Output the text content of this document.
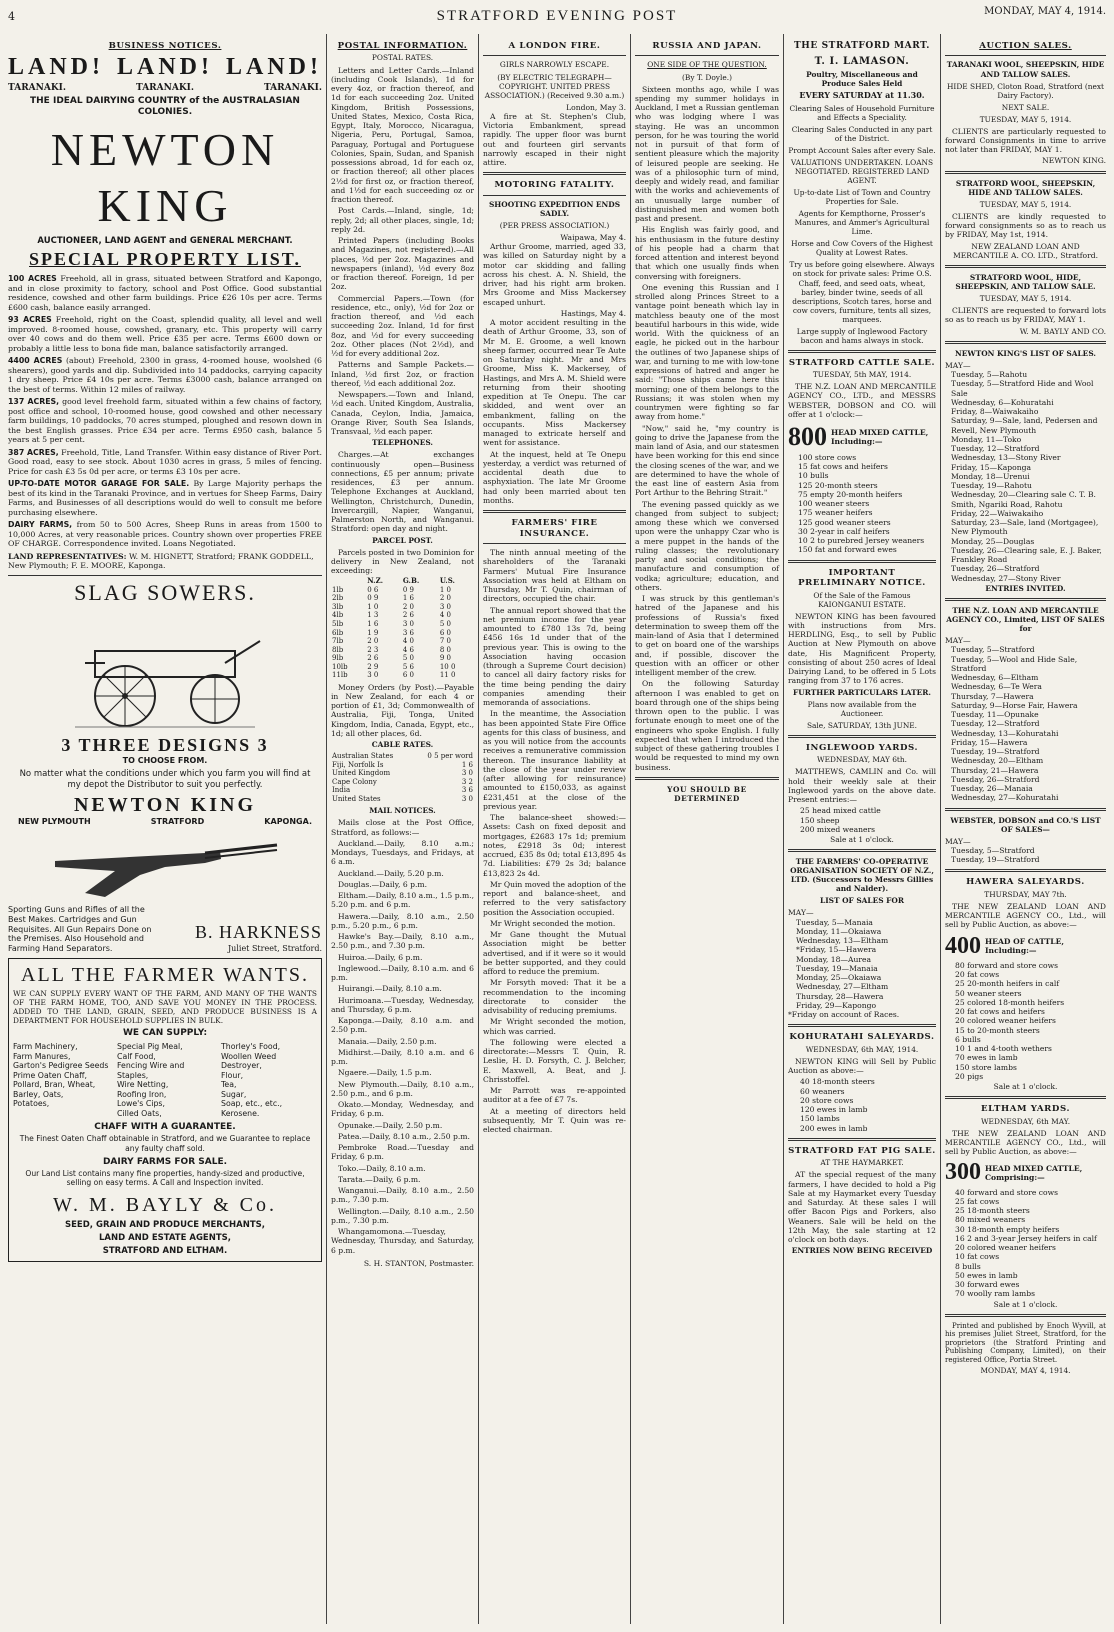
4	STRATFORD EVENING POST	MONDAY, MAY 4, 1914.
BUSINESS NOTICES.
LAND! LAND! LAND!
TARANAKI.	TARANAKI.	TARANAKI.
THE IDEAL DAIRYING COUNTRY of the AUSTRALASIAN COLONIES.
NEWTON KING
AUCTIONEER, LAND AGENT and GENERAL MERCHANT.
SPECIAL PROPERTY LIST.
100 ACRES Freehold, all in grass, situated between Stratford and Kapongo, and in close proximity to factory, school and Post Office. Good substantial residence, cowshed and other farm buildings. Price £26 10s per acre. Terms £600 cash, balance easily arranged.
93 ACRES Freehold, right on the Coast, splendid quality, all level and well improved. 8-roomed house, cowshed, granary, etc. This property will carry over 40 cows and do them well. Price £35 per acre. Terms £600 down or probably a little less to bona fide man, balance satisfactorily arranged.
4400 ACRES (about) Freehold, 2300 in grass, 4-roomed house, woolshed (6 shearers), good yards and dip. Subdivided into 14 paddocks, carrying capacity 1 dry sheep. Price £4 10s per acre. Terms £3000 cash, balance arranged on the best of terms. Within 12 miles of railway.
137 ACRES, good level freehold farm, situated within a few chains of factory, post office and school, 10-roomed house, good cowshed and other necessary farm buildings, 10 paddocks, 70 acres stumped, ploughed and resown down in the best English grasses. Price £34 per acre. Terms £950 cash, balance 5 years at 5 per cent.
387 ACRES, Freehold, Title, Land Transfer. Within easy distance of River Port. Good road, easy to see stock. About 1030 acres in grass, 5 miles of fencing. Price for cash £3 5s 0d per acre, or terms £3 10s per acre.
UP-TO-DATE MOTOR GARAGE FOR SALE. By Large Majority perhaps the best of its kind in the Taranaki Province, and in vertues for Sheep Farms, Dairy Farms, and Businesses of all descriptions would do well to consult me before purchasing elsewhere.
DAIRY FARMS, from 50 to 500 Acres, Sheep Runs in areas from 1500 to 10,000 Acres, at very reasonable prices. Country shown over properties FREE OF CHARGE. Correspondence invited. Loans Negotiated.
LAND REPRESENTATIVES: W. M. HIGNETT, Stratford; FRANK GODDELL, New Plymouth; F. E. MOORE, Kaponga.
SLAG SOWERS.
3 THREE DESIGNS 3
TO CHOOSE FROM.
No matter what the conditions under which you farm you will find at my depot the Distributor to suit you perfectly.
NEWTON KING
NEW PLYMOUTH	STRATFORD	KAPONGA.
Sporting Guns and Rifles of all the Best Makes. Cartridges and Gun Requisites. All Gun Repairs Done on the Premises. Also Household and Farming Hand Separators.
B. HARKNESS
Juliet Street, Stratford.
ALL THE FARMER WANTS.
WE CAN SUPPLY EVERY WANT OF THE FARM, AND MANY OF THE WANTS OF THE FARM HOME, TOO, AND SAVE YOU MONEY IN THE PROCESS. ADDED TO THE LAND, GRAIN, SEED, AND PRODUCE BUSINESS IS A DEPARTMENT FOR HOUSEHOLD SUPPLIES IN BULK.
WE CAN SUPPLY:
Farm Machinery,
Farm Manures,
Garton's Pedigree Seeds
Prime Oaten Chaff,
Pollard, Bran, Wheat,
Barley, Oats,
Potatoes,
Special Pig Meal,
Calf Food,
Fencing Wire and Staples,
Wire Netting,
Roofing Iron,
Lowe's Cips,
Cilled Oats,
Thorley's Food,
Woollen Weed Destroyer,
Flour,
Tea,
Sugar,
Soap, etc., etc.,
Kerosene.
CHAFF WITH A GUARANTEE.
The Finest Oaten Chaff obtainable in Stratford, and we Guarantee to replace any faulty chaff sold.
DAIRY FARMS FOR SALE.
Our Land List contains many fine properties, handy-sized and productive, selling on easy terms. A Call and Inspection invited.
W. M. BAYLY & Co.
SEED, GRAIN AND PRODUCE MERCHANTS,
LAND AND ESTATE AGENTS,
STRATFORD AND ELTHAM.
POSTAL INFORMATION.
POSTAL RATES.
Letters and Letter Cards.—Inland (including Cook Islands), 1d for every 4oz, or fraction thereof, and 1d for each succeeding 2oz. United Kingdom, British Possessions, United States, Mexico, Costa Rica, Egypt, Italy, Morocco, Nicaragua, Nigeria, Peru, Portugal, Samoa, Paraguay, Portugal and Portuguese Colonies, Spain, Sudan, and Spanish possessions abroad, 1d for each oz, or fraction thereof; all other places 2½d for first oz, or fraction thereof, and 1½d for each succeeding oz or fraction thereof.
Post Cards.—Inland, single, 1d; reply, 2d; all other places, single, 1d; reply 2d.
Printed Papers (including Books and Magazines, not registered).—All places, ½d per 2oz. Magazines and newspapers (inland), ½d every 8oz or fraction thereof. Foreign, 1d per 2oz.
Commercial Papers.—Town (for residence, etc., only), ½d for 2oz or fraction thereof, and ½d each succeeding 2oz. Inland, 1d for first 8oz, and ½d for every succeeding 2oz. Other places (Not 2½d), and ½d for every additional 2oz.
Patterns and Sample Packets.—Inland, ½d first 2oz, or fraction thereof, ½d each additional 2oz.
Newspapers.—Town and Inland, ½d each. United Kingdom, Australia, Canada, Ceylon, India, Jamaica, Orange River, South Sea Islands, Transvaal, ½d each paper.
TELEPHONES.
Charges.—At exchanges continuously open—Business connections, £5 per annum; private residences, £3 per annum. Telephone Exchanges at Auckland, Wellington, Christchurch, Dunedin, Invercargill, Napier, Wanganui, Palmerston North, and Wanganui. Stratford: open day and night.
PARCEL POST.
Parcels posted in two Dominion for delivery in New Zealand, not exceeding:
	N.Z.	G.B.	U.S.
1lb	0 6	0 9	1 0
2lb	0 9	1 6	2 0
3lb	1 0	2 0	3 0
4lb	1 3	2 6	4 0
5lb	1 6	3 0	5 0
6lb	1 9	3 6	6 0
7lb	2 0	4 0	7 0
8lb	2 3	4 6	8 0
9lb	2 6	5 0	9 0
10lb	2 9	5 6	10 0
11lb	3 0	6 0	11 0
Money Orders (by Post).—Payable in New Zealand, for each 4 or portion of £1, 3d; Commonwealth of Australia, Fiji, Tonga, United Kingdom, India, Canada, Egypt, etc., 1d; all other places, 6d.
CABLE RATES.
Australian States	0 5 per word
Fiji, Norfolk Is	1 6
United Kingdom	3 0
Cape Colony	3 2
India	3 6
United States	3 0
MAIL NOTICES.
Mails close at the Post Office, Stratford, as follows:—
Auckland.—Daily, 8.10 a.m.; Mondays, Tuesdays, and Fridays, at 6 a.m.
Auckland.—Daily, 5.20 p.m.
Douglas.—Daily, 6 p.m.
Eltham.—Daily, 8.10 a.m., 1.5 p.m., 5.20 p.m. and 6 p.m.
Hawera.—Daily, 8.10 a.m., 2.50 p.m., 5.20 p.m., 6 p.m.
Hawke's Bay.—Daily, 8.10 a.m., 2.50 p.m., and 7.30 p.m.
Huiroa.—Daily, 6 p.m.
Inglewood.—Daily, 8.10 a.m. and 6 p.m.
Huirangi.—Daily, 8.10 a.m.
Hurimoana.—Tuesday, Wednesday, and Thursday, 6 p.m.
Kaponga.—Daily, 8.10 a.m. and 2.50 p.m.
Manaia.—Daily, 2.50 p.m.
Midhirst.—Daily, 8.10 a.m. and 6 p.m.
Ngaere.—Daily, 1.5 p.m.
New Plymouth.—Daily, 8.10 a.m., 2.50 p.m., and 6 p.m.
Okato.—Monday, Wednesday, and Friday, 6 p.m.
Opunake.—Daily, 2.50 p.m.
Patea.—Daily, 8.10 a.m., 2.50 p.m.
Pembroke Road.—Tuesday and Friday, 6 p.m.
Toko.—Daily, 8.10 a.m.
Tarata.—Daily, 6 p.m.
Wanganui.—Daily, 8.10 a.m., 2.50 p.m., 7.30 p.m.
Wellington.—Daily, 8.10 a.m., 2.50 p.m., 7.30 p.m.
Whangamomona.—Tuesday, Wednesday, Thursday, and Saturday, 6 p.m.
S. H. STANTON, Postmaster.
A LONDON FIRE.
GIRLS NARROWLY ESCAPE.
(BY ELECTRIC TELEGRAPH—COPYRIGHT. UNITED PRESS ASSOCIATION.) (Received 9.30 a.m.)
London, May 3.
A fire at St. Stephen's Club, Victoria Embankment, spread rapidly. The upper floor was burnt out and fourteen girl servants narrowly escaped in their night attire.
MOTORING FATALITY.
SHOOTING EXPEDITION ENDS SADLY.
(PER PRESS ASSOCIATION.)
Waipawa, May 4.
Arthur Groome, married, aged 33, was killed on Saturday night by a motor car skidding and falling across his chest. A. N. Shield, the driver, had his right arm broken. Mrs Groome and Miss Mackersey escaped unhurt.
Hastings, May 4.
A motor accident resulting in the death of Arthur Groome, 33, son of Mr M. E. Groome, a well known sheep farmer, occurred near Te Aute on Saturday night. Mr and Mrs Groome, Miss K. Mackersey, of Hastings, and Mrs A. M. Shield were returning from their shooting expedition at Te Onepu. The car skidded, and went over an embankment, falling on the occupants. Miss Mackersey managed to extricate herself and went for assistance.
At the inquest, held at Te Onepu yesterday, a verdict was returned of accidental death due to asphyxiation. The late Mr Groome had only been married about ten months.
FARMERS' FIRE INSURANCE.
The ninth annual meeting of the shareholders of the Taranaki Farmers' Mutual Fire Insurance Association was held at Eltham on Thursday, Mr T. Quin, chairman of directors, occupied the chair.
The annual report showed that the net premium income for the year amounted to £780 13s 7d, being £456 16s 1d under that of the previous year. This is owing to the Association having occasion (through a Supreme Court decision) to cancel all dairy factory risks for the time being pending the dairy companies amending their memoranda of associations.
In the meantime, the Association has been appointed State Fire Office agents for this class of business, and as you will notice from the accounts receives a remunerative commission thereon. The insurance liability at the close of the year under review (after allowing for reinsurance) amounted to £150,033, as against £231,451 at the close of the previous year.
The balance-sheet showed:—Assets: Cash on fixed deposit and mortgages, £2683 17s 1d; premium notes, £2918 3s 0d; interest accrued, £35 8s 0d; total £13,895 4s 7d. Liabilities: £79 2s 3d; balance £13,823 2s 4d.
Mr Quin moved the adoption of the report and balance-sheet, and referred to the very satisfactory position the Association occupied.
Mr Wright seconded the motion.
Mr Gane thought the Mutual Association might be better advertised, and if it were so it would be better supported, and they could afford to reduce the premium.
Mr Forsyth moved: That it be a recommendation to the incoming directorate to consider the advisability of reducing premiums.
Mr Wright seconded the motion, which was carried.
The following were elected a directorate:—Messrs T. Quin, R. Leslie, H. D. Forsyth, C. J. Belcher, E. Maxwell, A. Beat, and J. Chrisstoffel.
Mr Parrott was re-appointed auditor at a fee of £7 7s.
At a meeting of directors held subsequently, Mr T. Quin was re-elected chairman.
RUSSIA AND JAPAN.
ONE SIDE OF THE QUESTION.
(By T. Doyle.)
Sixteen months ago, while I was spending my summer holidays in Auckland, I met a Russian gentleman who was lodging where I was staying. He was an uncommon person, for he was touring the world not in pursuit of that form of sentient pleasure which the majority of leisured people are seeking. He was of a philosophic turn of mind, deeply and widely read, and familiar with the works and achievements of an unusually large number of distinguished men and women both past and present.
His English was fairly good, and his enthusiasm in the future destiny of his people had a charm that forced attention and interest beyond that which one usually finds when conversing with foreigners.
One evening this Russian and I strolled along Princes Street to a vantage point beneath which lay in matchless beauty one of the most beautiful harbours in this wide, wide world. With the quickness of an eagle, he picked out in the harbour the outlines of two Japanese ships of war, and turning to me with low-tone expressions of hatred and anger he said: "Those ships came here this morning; one of them belongs to the Russians; it was stolen when my countrymen were fighting so far away from home."
"Now," said he, "my country is going to drive the Japanese from the main land of Asia, and our statesmen have been working for this end since the closing scenes of the war, and we are determined to have the whole of the east line of eastern Asia from Port Arthur to the Behring Strait."
The evening passed quickly as we changed from subject to subject; among these which we conversed upon were the unhappy Czar who is a mere puppet in the hands of the ruling classes; the revolutionary party and social conditions; the manufacture and consumption of vodka; agriculture; education, and others.
I was struck by this gentleman's hatred of the Japanese and his professions of Russia's fixed determination to sweep them off the main-land of Asia that I determined to get on board one of the warships and, if possible, discover the question with an officer or other intelligent member of the crew.
On the following Saturday afternoon I was enabled to get on board through one of the ships being thrown open to the public. I was fortunate enough to meet one of the engineers who spoke English. I fully expected that when I introduced the subject of these gathering troubles I would be requested to mind my own business.
YOU SHOULD BE DETERMINED
THE STRATFORD MART.
T. I. LAMASON.
Poultry, Miscellaneous and Produce Sales Held
EVERY SATURDAY at 11.30.
Clearing Sales of Household Furniture and Effects a Speciality.
Clearing Sales Conducted in any part of the District.
Prompt Account Sales after every Sale.
VALUATIONS UNDERTAKEN. LOANS NEGOTIATED. REGISTERED LAND AGENT.
Up-to-date List of Town and Country Properties for Sale.
Agents for Kempthorne, Prosser's Manures, and Ammer's Agricultural Lime.
Horse and Cow Covers of the Highest Quality at Lowest Rates.
Try us before going elsewhere. Always on stock for private sales: Prime O.S. Chaff, feed, and seed oats, wheat, barley, binder twine, seeds of all descriptions, Scotch tares, horse and cow covers, furniture, tents all sizes, marquees.
Large supply of Inglewood Factory bacon and hams always in stock.
STRATFORD CATTLE SALE.
TUESDAY, 5th MAY, 1914.
THE N.Z. LOAN AND MERCANTILE AGENCY CO., LTD., and MESSRS WEBSTER, DOBSON and CO. will offer at 1 o'clock:—
800 HEAD MIXED CATTLE, Including:—
100 store cows
15 fat cows and heifers
10 bulls
125 20-month steers
75 empty 20-month heifers
100 weaner steers
175 weaner heifers
125 good weaner steers
30 2-year in calf heifers
10 2 to purebred Jersey weaners
150 fat and forward ewes
IMPORTANT PRELIMINARY NOTICE.
Of the Sale of the Famous KAIONGANUI ESTATE.
NEWTON KING has been favoured with instructions from Mrs. HERDLING, Esq., to sell by Public Auction at New Plymouth on above date, His Magnificent Property, consisting of about 250 acres of Ideal Dairying Land, to be offered in 5 Lots ranging from 37 to 176 acres.
FURTHER PARTICULARS LATER.
Plans now available from the Auctioneer.
Sale, SATURDAY, 13th JUNE.
INGLEWOOD YARDS.
WEDNESDAY, MAY 6th.
MATTHEWS, CAMLIN and Co. will hold their weekly sale at their Inglewood yards on the above date. Present entries:—
25 head mixed cattle
150 sheep
200 mixed weaners
Sale at 1 o'clock.
THE FARMERS' CO-OPERATIVE ORGANISATION SOCIETY OF N.Z., LTD. (Successors to Messrs Gillies and Nalder).
LIST OF SALES FOR
MAY—
Tuesday, 5—Manaia
Monday, 11—Okaiawa
Wednesday, 13—Eltham
*Friday, 15—Hawera
Monday, 18—Aurea
Tuesday, 19—Manaia
Monday, 25—Okaiawa
Wednesday, 27—Eltham
Thursday, 28—Hawera
Friday, 29—Kapongo
*Friday on account of Races.
KOHURATAHI SALEYARDS.
WEDNESDAY, 6th MAY, 1914.
NEWTON KING will Sell by Public Auction as above:—
40 18-month steers
60 weaners
20 store cows
120 ewes in lamb
150 lambs
200 ewes in lamb
STRATFORD FAT PIG SALE.
AT THE HAYMARKET.
AT the special request of the many farmers, I have decided to hold a Pig Sale at my Haymarket every Tuesday and Saturday. At these sales I will offer Bacon Pigs and Porkers, also Weaners. Sale will be held on the 12th May, the sale starting at 12 o'clock on both days.
ENTRIES NOW BEING RECEIVED
AUCTION SALES.
TARANAKI WOOL, SHEEPSKIN, HIDE AND TALLOW SALES.
HIDE SHED, Cloton Road, Stratford (next Dairy Factory).
NEXT SALE.
TUESDAY, MAY 5, 1914.
CLIENTS are particularly requested to forward Consignments in time to arrive not later than FRIDAY, MAY 1.
NEWTON KING.
STRATFORD WOOL, SHEEPSKIN, HIDE AND TALLOW SALES.
TUESDAY, MAY 5, 1914.
CLIENTS are kindly requested to forward consignments so as to reach us by FRIDAY, May 1st, 1914.
NEW ZEALAND LOAN AND MERCANTILE A. CO. LTD., Stratford.
STRATFORD WOOL, HIDE, SHEEPSKIN, AND TALLOW SALE.
TUESDAY, MAY 5, 1914.
CLIENTS are requested to forward lots so as to reach us by FRIDAY, MAY 1.
W. M. BAYLY AND CO.
NEWTON KING'S LIST OF SALES.
MAY—
Tuesday, 5—Rahotu
Tuesday, 5—Stratford Hide and Wool Sale
Wednesday, 6—Kohuratahi
Friday, 8—Waiwakaiho
Saturday, 9—Sale, land, Pedersen and Revell, New Plymouth
Monday, 11—Toko
Tuesday, 12—Stratford
Wednesday, 13—Stony River
Friday, 15—Kaponga
Monday, 18—Urenui
Tuesday, 19—Rahotu
Wednesday, 20—Clearing sale C. T. B. Smith, Ngariki Road, Rahotu
Friday, 22—Waiwakaiho
Saturday, 23—Sale, land (Mortgagee), New Plymouth
Monday, 25—Douglas
Tuesday, 26—Clearing sale, E. J. Baker, Frankley Road
Tuesday, 26—Stratford
Wednesday, 27—Stony River
ENTRIES INVITED.
THE N.Z. LOAN AND MERCANTILE AGENCY CO., Limited, LIST OF SALES for
MAY—
Tuesday, 5—Stratford
Tuesday, 5—Wool and Hide Sale, Stratford
Wednesday, 6—Eltham
Wednesday, 6—Te Wera
Thursday, 7—Hawera
Saturday, 9—Horse Fair, Hawera
Tuesday, 11—Opunake
Tuesday, 12—Stratford
Wednesday, 13—Kohuratahi
Friday, 15—Hawera
Tuesday, 19—Stratford
Wednesday, 20—Eltham
Thursday, 21—Hawera
Tuesday, 26—Stratford
Tuesday, 26—Manaia
Wednesday, 27—Kohuratahi
WEBSTER, DOBSON and CO.'S LIST OF SALES—
MAY—
Tuesday, 5—Stratford
Tuesday, 19—Stratford
HAWERA SALEYARDS.
THURSDAY, MAY 7th.
THE NEW ZEALAND LOAN AND MERCANTILE AGENCY CO., Ltd., will sell by Public Auction, as above:—
400 HEAD OF CATTLE, Including:—
80 forward and store cows
20 fat cows
25 20-month heifers in calf
50 weaner steers
25 colored 18-month heifers
20 fat cows and heifers
20 colored weaner heifers
15 to 20-month steers
6 bulls
10 1 and 4-tooth wethers
70 ewes in lamb
150 store lambs
20 pigs
Sale at 1 o'clock.
ELTHAM YARDS.
WEDNESDAY, 6th MAY.
THE NEW ZEALAND LOAN AND MERCANTILE AGENCY CO., Ltd., will sell by Public Auction, as above:—
300 HEAD MIXED CATTLE, Comprising:—
40 forward and store cows
25 fat cows
25 18-month steers
80 mixed weaners
30 18-month empty heifers
16 2 and 3-year Jersey heifers in calf
20 colored weaner heifers
10 fat cows
8 bulls
50 ewes in lamb
30 forward ewes
70 woolly ram lambs
Sale at 1 o'clock.
Printed and published by Enoch Wyvill, at his premises Juliet Street, Stratford, for the proprietors (the Stratford Printing and Publishing Company, Limited), on their registered Office, Portia Street.
MONDAY, MAY 4, 1914.
